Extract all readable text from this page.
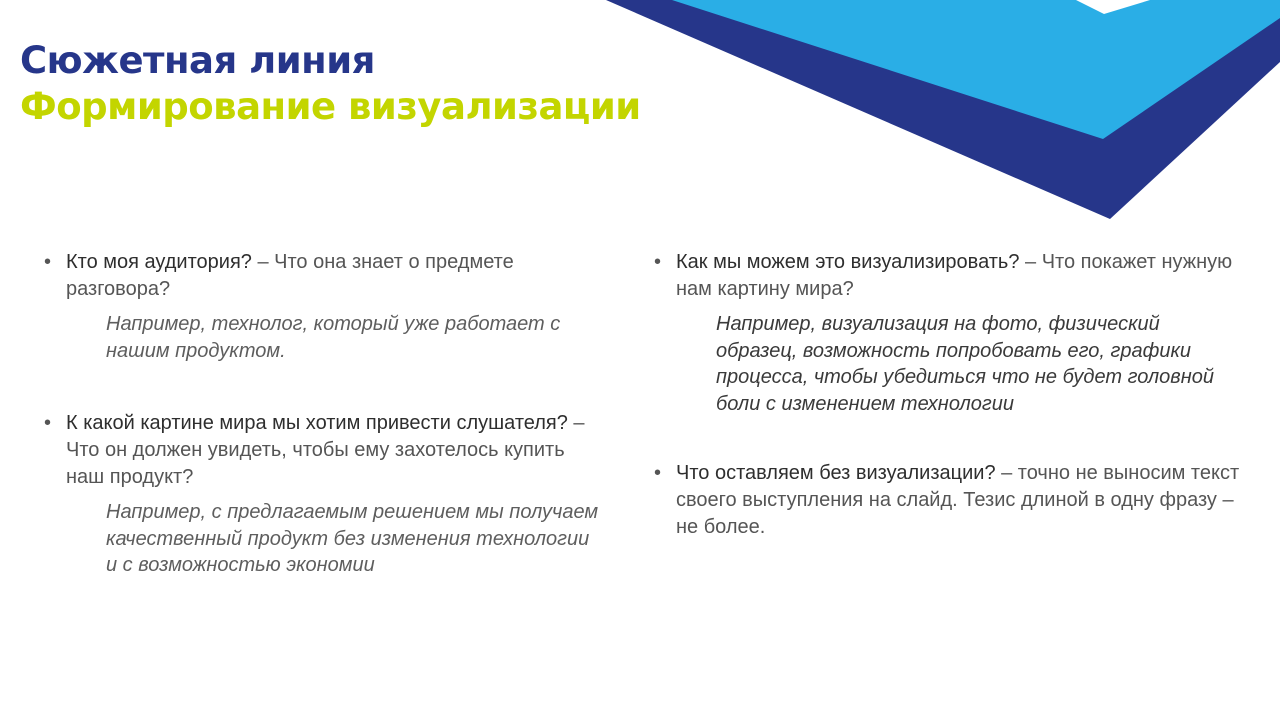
Сюжетная линия
Формирование визуализации
• Кто моя аудитория? – Что она знает о предмете разговора?
Например, технолог, который уже работает с нашим продуктом.
• К какой картине мира мы хотим привести слушателя? – Что он должен увидеть, чтобы ему захотелось купить наш продукт?
Например, с предлагаемым решением мы получаем качественный продукт без изменения технологии и с возможностью экономии
• Как мы можем это визуализировать? – Что покажет нужную нам картину мира?
Например, визуализация на фото, физический образец, возможность попробовать его, графики процесса, чтобы убедиться что не будет головной боли с изменением технологии
• Что оставляем без визуализации? – точно не выносим текст своего выступления на слайд. Тезис длиной в одну фразу – не более.
